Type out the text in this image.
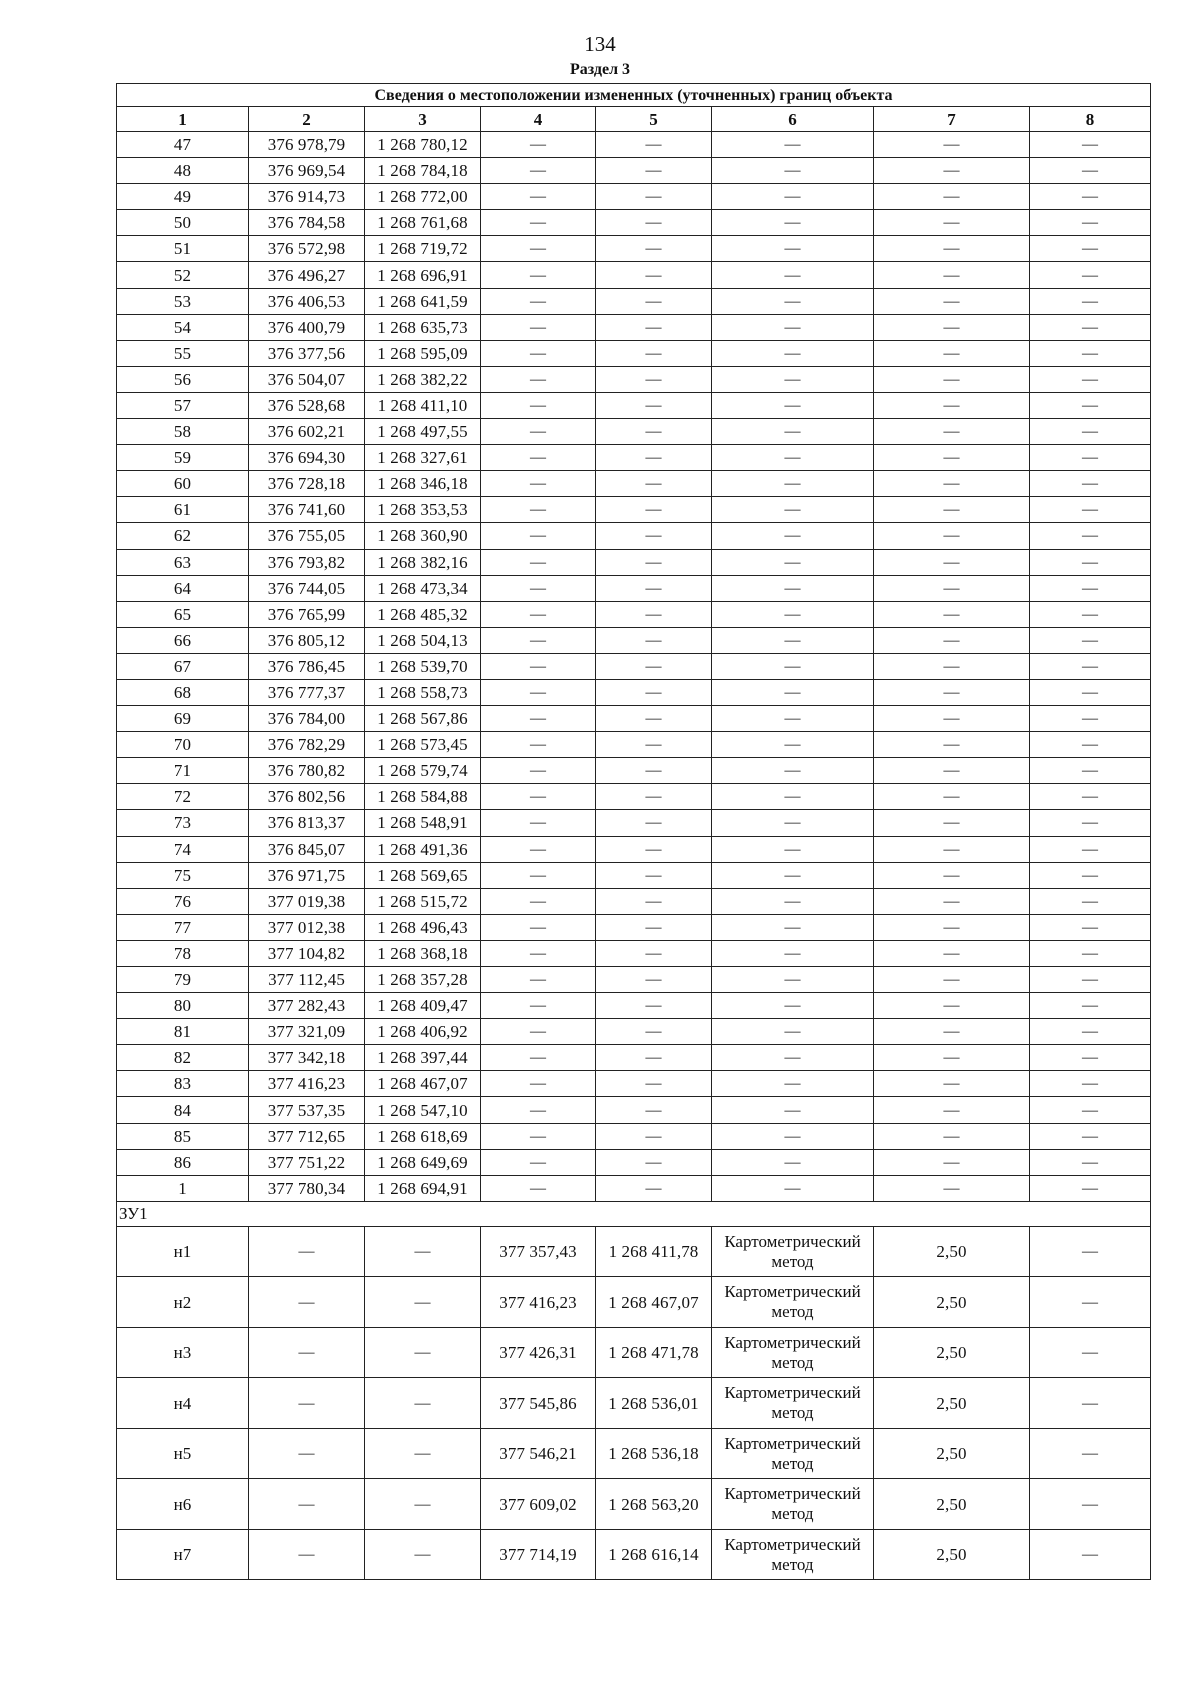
134
Раздел 3
Сведения о местоположении измененных (уточненных) границ объекта							
1	2	3	4	5	6	7	8
47	376 978,79	1 268 780,12	—	—	—	—	—
48	376 969,54	1 268 784,18	—	—	—	—	—
49	376 914,73	1 268 772,00	—	—	—	—	—
50	376 784,58	1 268 761,68	—	—	—	—	—
51	376 572,98	1 268 719,72	—	—	—	—	—
52	376 496,27	1 268 696,91	—	—	—	—	—
53	376 406,53	1 268 641,59	—	—	—	—	—
54	376 400,79	1 268 635,73	—	—	—	—	—
55	376 377,56	1 268 595,09	—	—	—	—	—
56	376 504,07	1 268 382,22	—	—	—	—	—
57	376 528,68	1 268 411,10	—	—	—	—	—
58	376 602,21	1 268 497,55	—	—	—	—	—
59	376 694,30	1 268 327,61	—	—	—	—	—
60	376 728,18	1 268 346,18	—	—	—	—	—
61	376 741,60	1 268 353,53	—	—	—	—	—
62	376 755,05	1 268 360,90	—	—	—	—	—
63	376 793,82	1 268 382,16	—	—	—	—	—
64	376 744,05	1 268 473,34	—	—	—	—	—
65	376 765,99	1 268 485,32	—	—	—	—	—
66	376 805,12	1 268 504,13	—	—	—	—	—
67	376 786,45	1 268 539,70	—	—	—	—	—
68	376 777,37	1 268 558,73	—	—	—	—	—
69	376 784,00	1 268 567,86	—	—	—	—	—
70	376 782,29	1 268 573,45	—	—	—	—	—
71	376 780,82	1 268 579,74	—	—	—	—	—
72	376 802,56	1 268 584,88	—	—	—	—	—
73	376 813,37	1 268 548,91	—	—	—	—	—
74	376 845,07	1 268 491,36	—	—	—	—	—
75	376 971,75	1 268 569,65	—	—	—	—	—
76	377 019,38	1 268 515,72	—	—	—	—	—
77	377 012,38	1 268 496,43	—	—	—	—	—
78	377 104,82	1 268 368,18	—	—	—	—	—
79	377 112,45	1 268 357,28	—	—	—	—	—
80	377 282,43	1 268 409,47	—	—	—	—	—
81	377 321,09	1 268 406,92	—	—	—	—	—
82	377 342,18	1 268 397,44	—	—	—	—	—
83	377 416,23	1 268 467,07	—	—	—	—	—
84	377 537,35	1 268 547,10	—	—	—	—	—
85	377 712,65	1 268 618,69	—	—	—	—	—
86	377 751,22	1 268 649,69	—	—	—	—	—
1	377 780,34	1 268 694,91	—	—	—	—	—
ЗУ1							
н1	—	—	377 357,43	1 268 411,78	Картометрический метод	2,50	—
н2	—	—	377 416,23	1 268 467,07	Картометрический метод	2,50	—
н3	—	—	377 426,31	1 268 471,78	Картометрический метод	2,50	—
н4	—	—	377 545,86	1 268 536,01	Картометрический метод	2,50	—
н5	—	—	377 546,21	1 268 536,18	Картометрический метод	2,50	—
н6	—	—	377 609,02	1 268 563,20	Картометрический метод	2,50	—
н7	—	—	377 714,19	1 268 616,14	Картометрический метод	2,50	—
